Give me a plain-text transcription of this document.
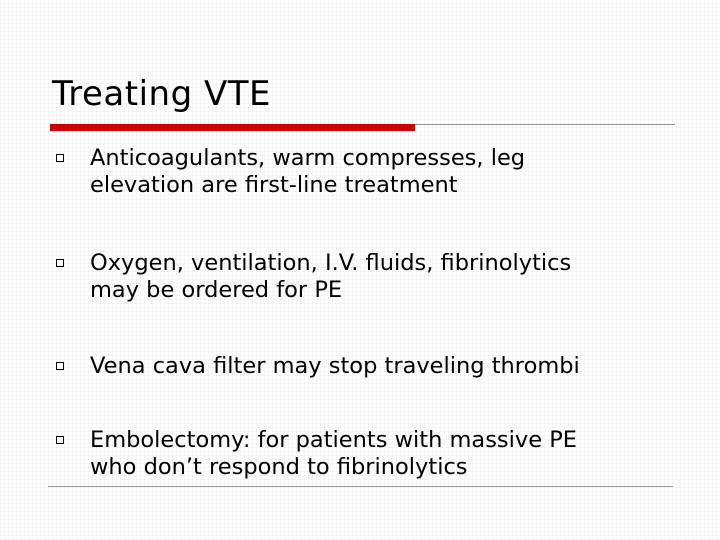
Treating VTE
Anticoagulants, warm compresses, leg
elevation are first-line treatment
Oxygen, ventilation, I.V. fluids, fibrinolytics
may be ordered for PE
Vena cava filter may stop traveling thrombi
Embolectomy: for patients with massive PE
who don’t respond to fibrinolytics
